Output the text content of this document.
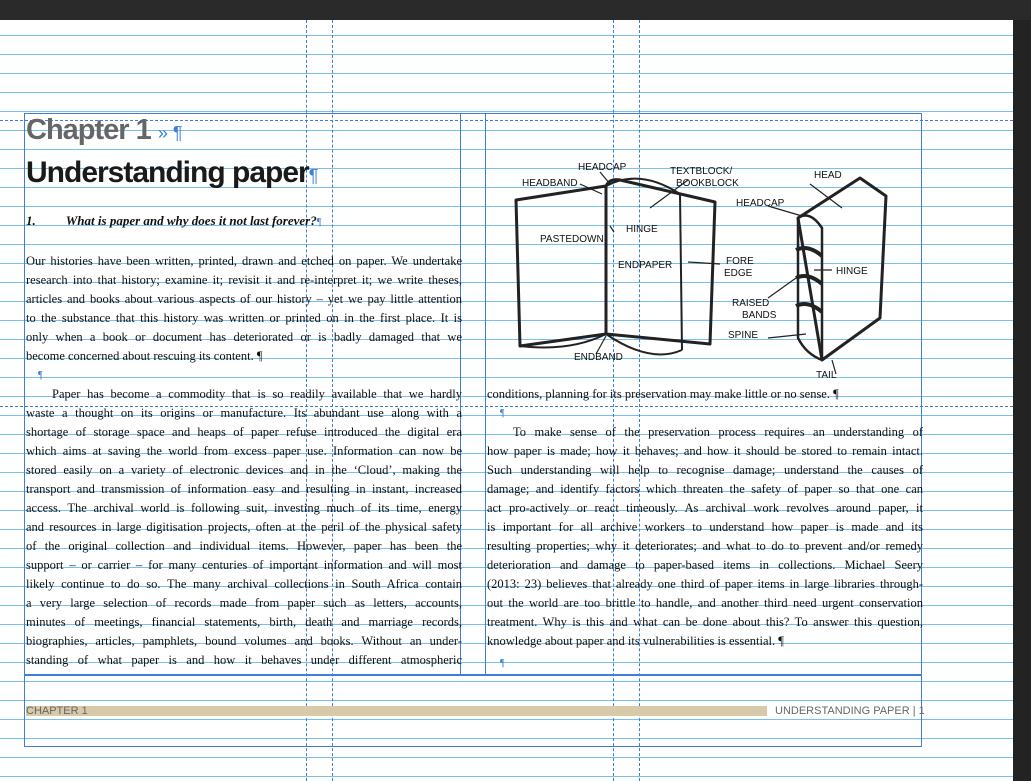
Chapter 1 » ¶
Understanding paper¶
1. What is paper and why does it not last forever?¶
Our histories have been written, printed, drawn and etched on paper. We undertake
research into that history; examine it; revisit it and re-interpret it; we write theses,
articles and books about various aspects of our history – yet we pay little attention
to the substance that this history was written or printed on in the first place. It is
only when a book or document has deteriorated or is badly damaged that we
become concerned about rescuing its content. ¶
¶
Paper has become a commodity that is so readily available that we hardly
waste a thought on its origins or manufacture. Its abundant use along with a
shortage of storage space and heaps of paper refuse introduced the digital era
which aims at saving the world from excess paper use. Information can now be
stored easily on a variety of electronic devices and in the ‘Cloud’, making the
transport and transmission of information easy and resulting in instant, increased
access. The archival world is following suit, investing much of its time, energy
and resources in large digitisation projects, often at the peril of the physical safety
of the original collection and individual items. However, paper has been the
support – or carrier – for many centuries of important information and will most
likely continue to do so. The many archival collections in South Africa contain
a very large selection of records made from paper such as letters, accounts,
minutes of meetings, financial statements, birth, death and marriage records,
biographies, articles, pamphlets, bound volumes and books. Without an under-
standing of what paper is and how it behaves under different atmospheric
HEADCAP
HEADBAND
TEXTBLOCK/
BOOKBLOCK
HEAD
HEADCAP
PASTEDOWN
HINGE
ENDPAPER	FORE
EDGE	HINGE
RAISED
BANDS
SPINE
ENDBAND
TAIL
conditions, planning for its preservation may make little or no sense. ¶
¶
To make sense of the preservation process requires an understanding of
how paper is made; how it behaves; and how it should be stored to remain intact.
Such understanding will help to recognise damage; understand the causes of
damage; and identify factors which threaten the safety of paper so that one can
act pro-actively or react timeously. As archival work revolves around paper, it
is important for all archive workers to understand how paper is made and its
resulting properties; why it deteriorates; and what to do to prevent and/or remedy
deterioration and damage to paper-based items in collections. Michael Seery
(2013: 23) believes that already one third of paper items in large libraries through-
out the world are too brittle to handle, and another third need urgent conservation
treatment. Why is this and what can be done about this? To answer this question,
knowledge about paper and its vulnerabilities is essential. ¶
¶
CHAPTER 1	UNDERSTANDING PAPER | 1
